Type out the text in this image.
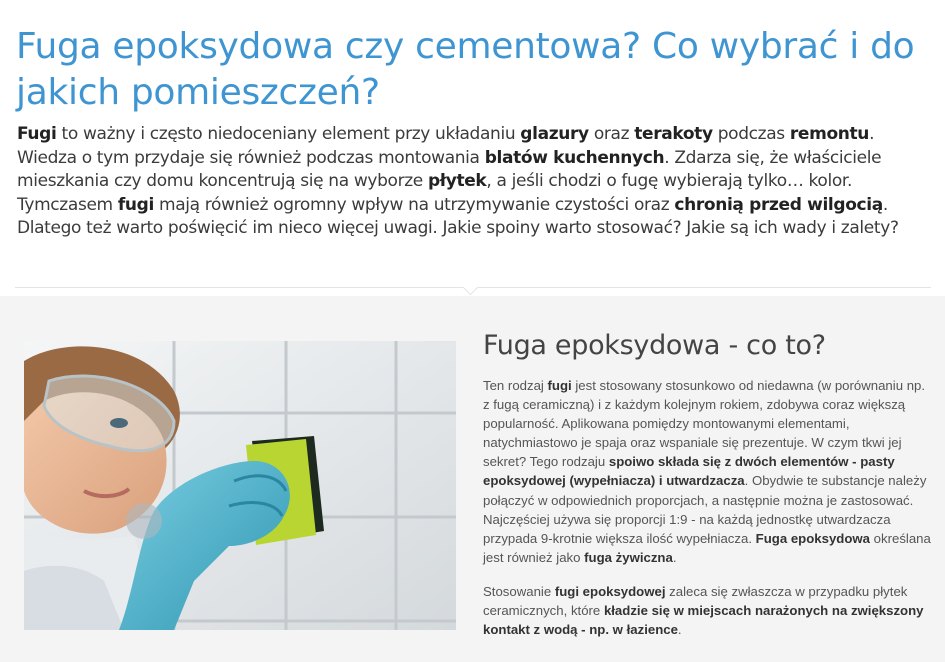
Fuga epoksydowa czy cementowa? Co wybrać i do jakich pomieszczeń?

Fugi to ważny i często niedoceniany element przy układaniu glazury oraz terakoty podczas remontu. Wiedza o tym przydaje się również podczas montowania blatów kuchennych. Zdarza się, że właściciele mieszkania czy domu koncentrują się na wyborze płytek, a jeśli chodzi o fugę wybierają tylko… kolor. Tymczasem fugi mają również ogromny wpływ na utrzymywanie czystości oraz chronią przed wilgocią. Dlatego też warto poświęcić im nieco więcej uwagi. Jakie spoiny warto stosować? Jakie są ich wady i zalety?

Fuga epoksydowa - co to?

Ten rodzaj fugi jest stosowany stosunkowo od niedawna (w porównaniu np. z fugą ceramiczną) i z każdym kolejnym rokiem, zdobywa coraz większą popularność. Aplikowana pomiędzy montowanymi elementami, natychmiastowo je spaja oraz wspaniale się prezentuje. W czym tkwi jej sekret? Tego rodzaju spoiwo składa się z dwóch elementów - pasty epoksydowej (wypełniacza) i utwardzacza. Obydwie te substancje należy połączyć w odpowiednich proporcjach, a następnie można je zastosować. Najczęściej używa się proporcji 1:9 - na każdą jednostkę utwardzacza przypada 9-krotnie większa ilość wypełniacza. Fuga epoksydowa określana jest również jako fuga żywiczna.

Stosowanie fugi epoksydowej zaleca się zwłaszcza w przypadku płytek ceramicznych, które kładzie się w miejscach narażonych na zwiększony kontakt z wodą - np. w łazience.
